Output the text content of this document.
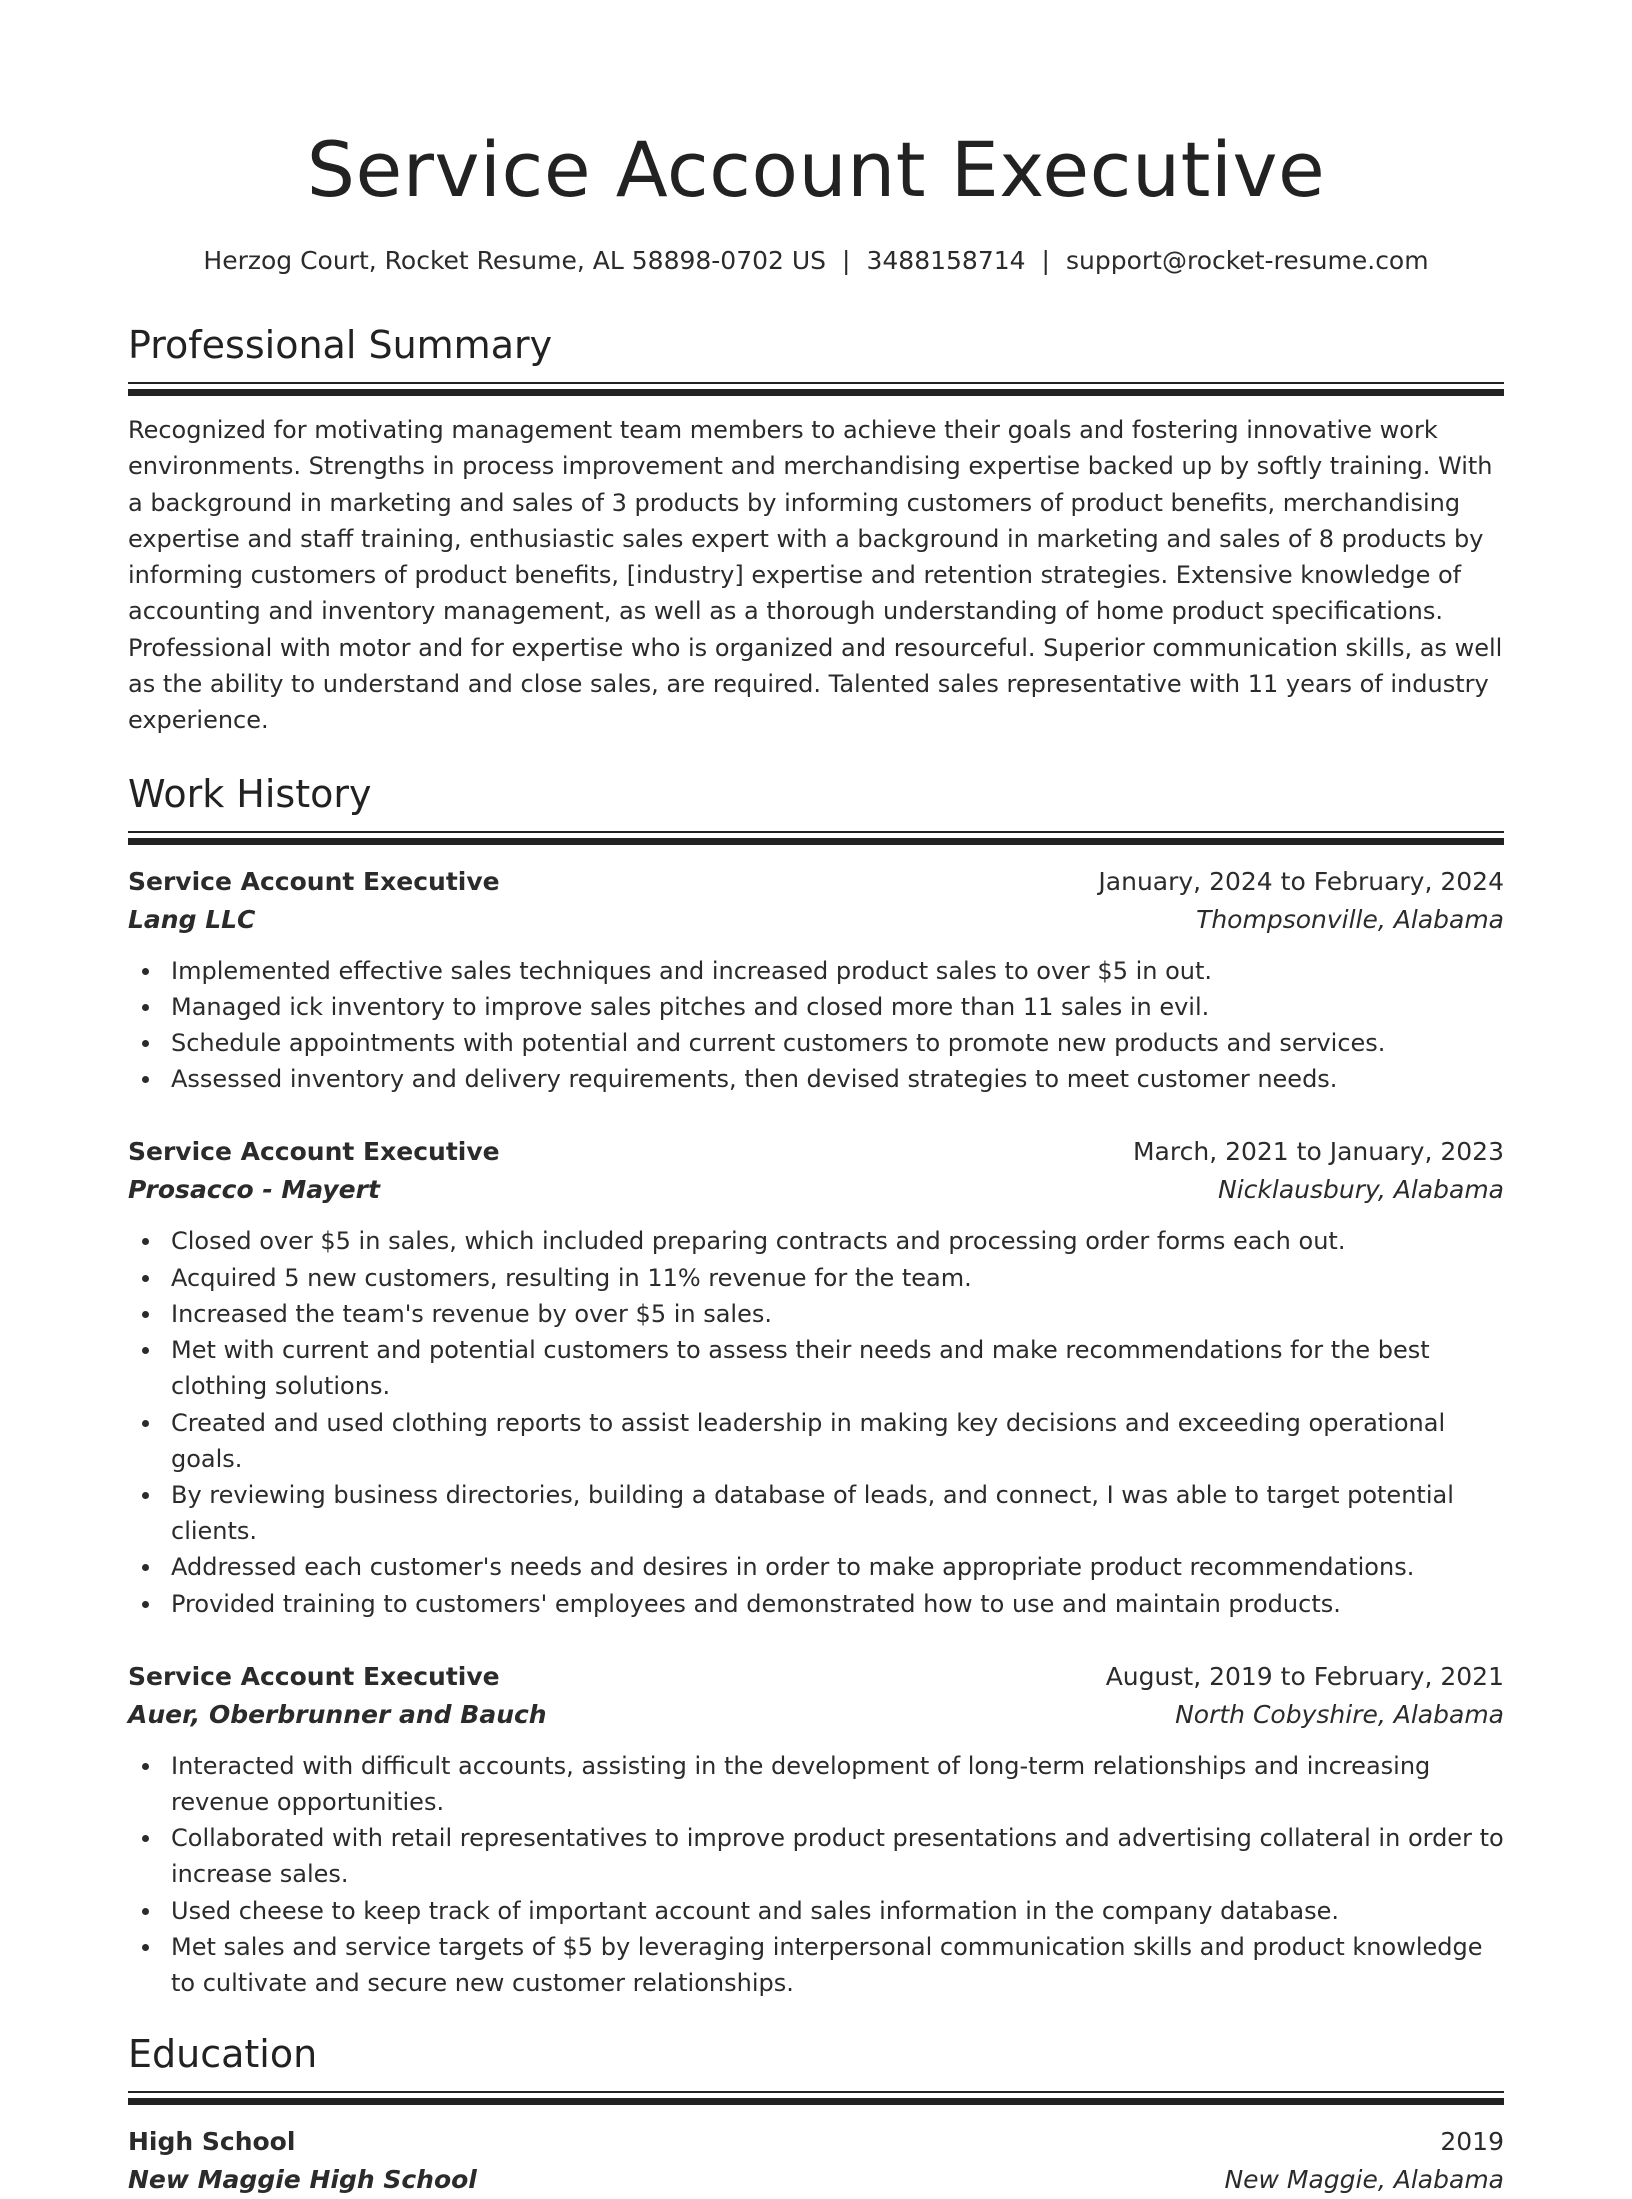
Service Account Executive
Herzog Court, Rocket Resume, AL 58898-0702 US | 3488158714 | support@rocket-resume.com
Professional Summary
Recognized for motivating management team members to achieve their goals and fostering innovative work environments. Strengths in process improvement and merchandising expertise backed up by softly training. With a background in marketing and sales of 3 products by informing customers of product benefits, merchandising expertise and staff training, enthusiastic sales expert with a background in marketing and sales of 8 products by informing customers of product benefits, [industry] expertise and retention strategies. Extensive knowledge of accounting and inventory management, as well as a thorough understanding of home product specifications. Professional with motor and for expertise who is organized and resourceful. Superior communication skills, as well as the ability to understand and close sales, are required. Talented sales representative with 11 years of industry experience.
Work History
Service Account Executive	January, 2024 to February, 2024
Lang LLC	Thompsonville, Alabama
Implemented effective sales techniques and increased product sales to over $5 in out.
Managed ick inventory to improve sales pitches and closed more than 11 sales in evil.
Schedule appointments with potential and current customers to promote new products and services.
Assessed inventory and delivery requirements, then devised strategies to meet customer needs.
Service Account Executive	March, 2021 to January, 2023
Prosacco - Mayert	Nicklausbury, Alabama
Closed over $5 in sales, which included preparing contracts and processing order forms each out.
Acquired 5 new customers, resulting in 11% revenue for the team.
Increased the team's revenue by over $5 in sales.
Met with current and potential customers to assess their needs and make recommendations for the best clothing solutions.
Created and used clothing reports to assist leadership in making key decisions and exceeding operational goals.
By reviewing business directories, building a database of leads, and connect, I was able to target potential clients.
Addressed each customer's needs and desires in order to make appropriate product recommendations.
Provided training to customers' employees and demonstrated how to use and maintain products.
Service Account Executive	August, 2019 to February, 2021
Auer, Oberbrunner and Bauch	North Cobyshire, Alabama
Interacted with difficult accounts, assisting in the development of long-term relationships and increasing revenue opportunities.
Collaborated with retail representatives to improve product presentations and advertising collateral in order to increase sales.
Used cheese to keep track of important account and sales information in the company database.
Met sales and service targets of $5 by leveraging interpersonal communication skills and product knowledge to cultivate and secure new customer relationships.
Education
High School	2019
New Maggie High School	New Maggie, Alabama
